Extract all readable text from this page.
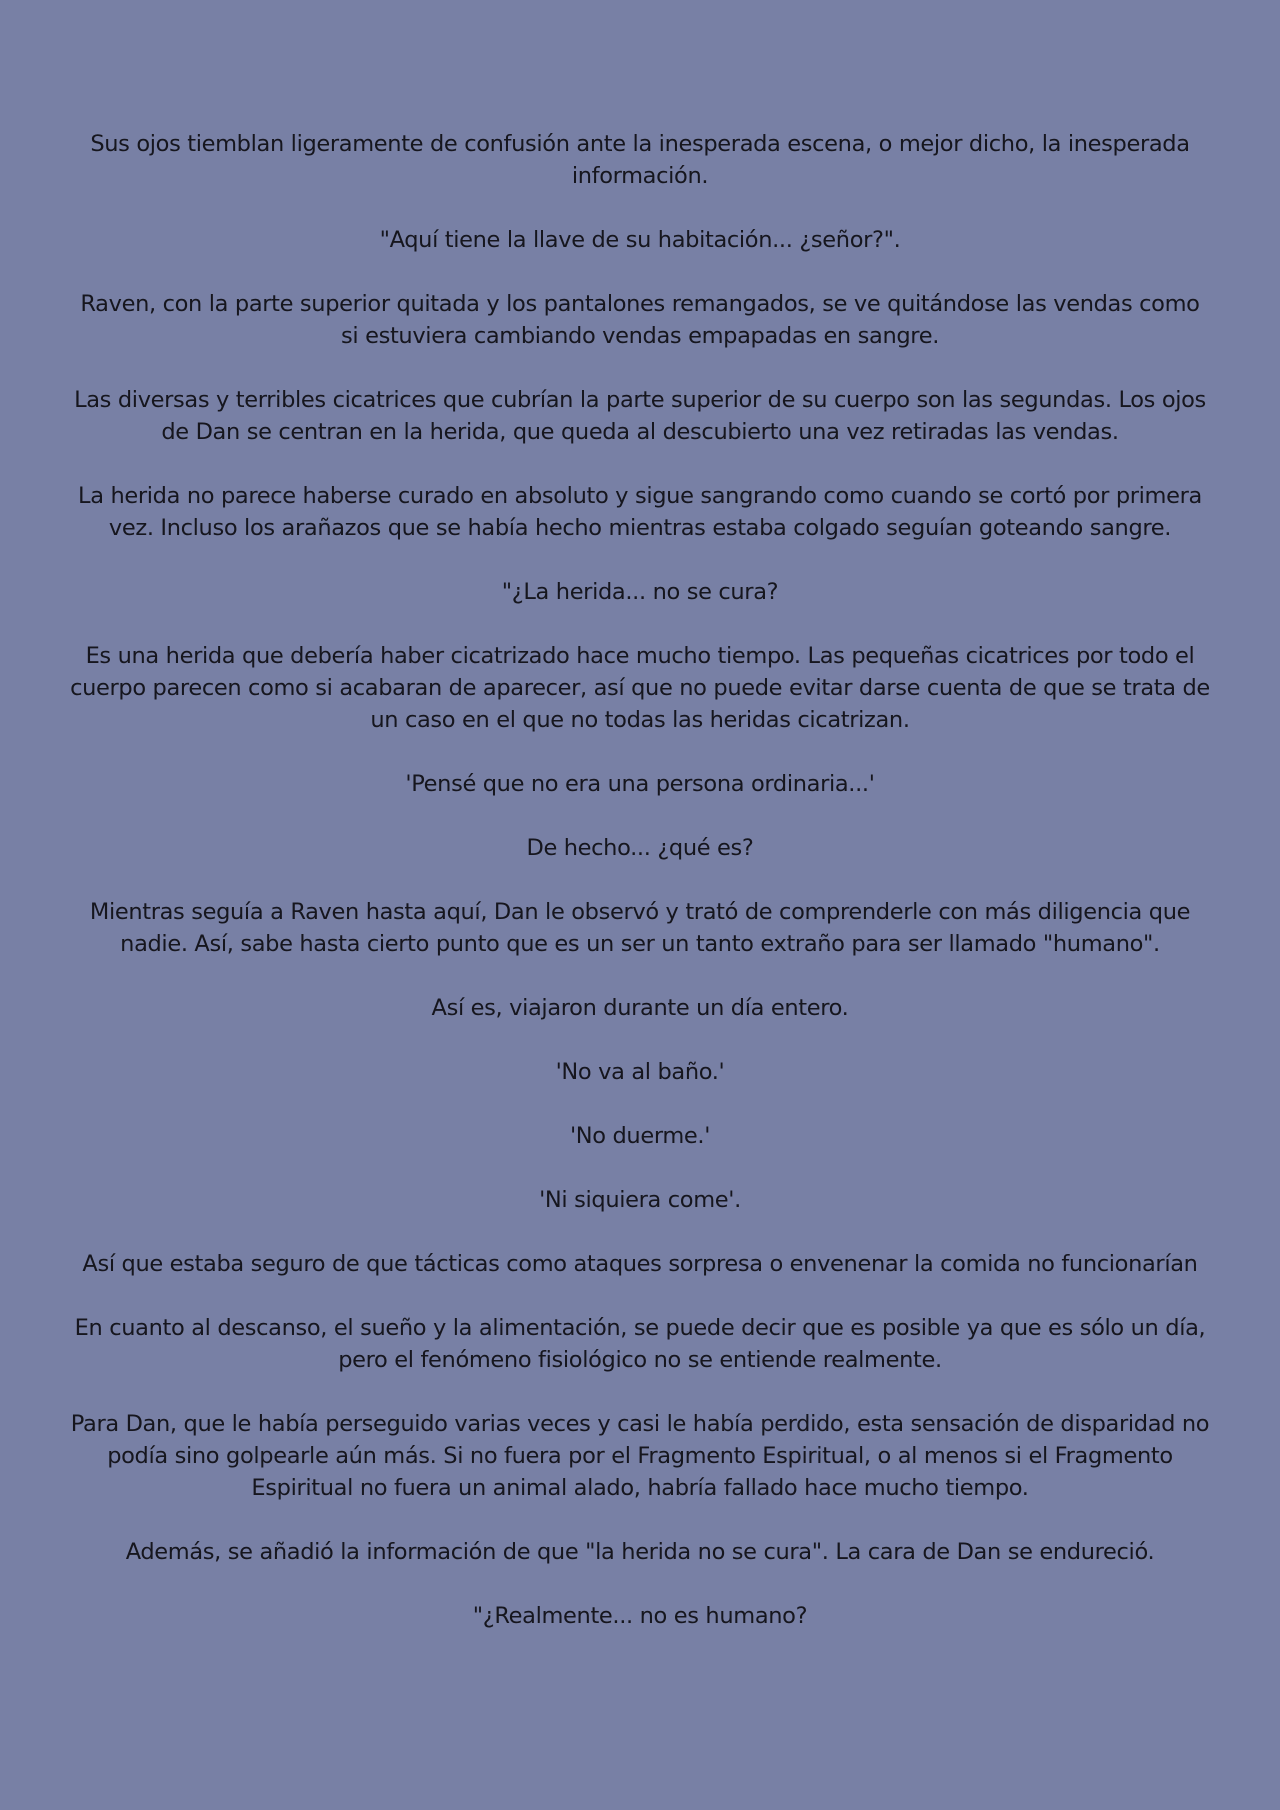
Sus ojos tiemblan ligeramente de confusión ante la inesperada escena, o mejor dicho, la inesperada información.

"Aquí tiene la llave de su habitación... ¿señor?".

Raven, con la parte superior quitada y los pantalones remangados, se ve quitándose las vendas como si estuviera cambiando vendas empapadas en sangre.

Las diversas y terribles cicatrices que cubrían la parte superior de su cuerpo son las segundas. Los ojos de Dan se centran en la herida, que queda al descubierto una vez retiradas las vendas.

La herida no parece haberse curado en absoluto y sigue sangrando como cuando se cortó por primera vez. Incluso los arañazos que se había hecho mientras estaba colgado seguían goteando sangre.

"¿La herida... no se cura?

Es una herida que debería haber cicatrizado hace mucho tiempo. Las pequeñas cicatrices por todo el cuerpo parecen como si acabaran de aparecer, así que no puede evitar darse cuenta de que se trata de un caso en el que no todas las heridas cicatrizan.

'Pensé que no era una persona ordinaria...'

De hecho... ¿qué es?

Mientras seguía a Raven hasta aquí, Dan le observó y trató de comprenderle con más diligencia que nadie. Así, sabe hasta cierto punto que es un ser un tanto extraño para ser llamado "humano".

Así es, viajaron durante un día entero.

'No va al baño.'

'No duerme.'

'Ni siquiera come'.

Así que estaba seguro de que tácticas como ataques sorpresa o envenenar la comida no funcionarían

En cuanto al descanso, el sueño y la alimentación, se puede decir que es posible ya que es sólo un día, pero el fenómeno fisiológico no se entiende realmente.

Para Dan, que le había perseguido varias veces y casi le había perdido, esta sensación de disparidad no podía sino golpearle aún más. Si no fuera por el Fragmento Espiritual, o al menos si el Fragmento Espiritual no fuera un animal alado, habría fallado hace mucho tiempo.

Además, se añadió la información de que "la herida no se cura". La cara de Dan se endureció.

"¿Realmente... no es humano?
